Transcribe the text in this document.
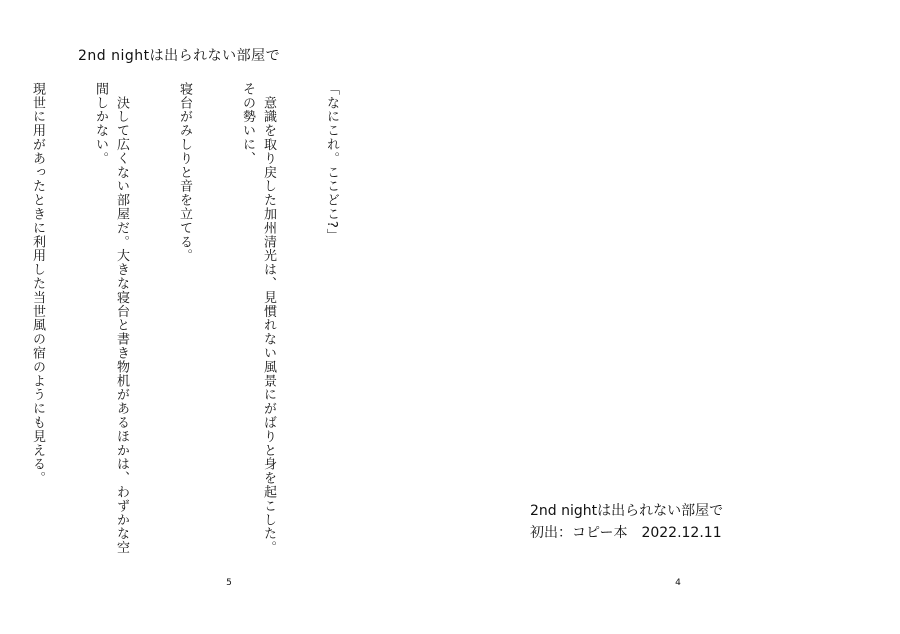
2nd nightは出られない部屋で

「なにこれ。ここどこ?」

　意識を取り戻した加州清光は、見慣れない風景にがばりと身を起こした。その勢いに、

寝台がみしりと音を立てる。

　決して広くない部屋だ。大きな寝台と書き物机があるほかは、わずかな空間しかない。

現世に用があったときに利用した当世風の宿のようにも見える。

5
2nd nightは出られない部屋で
初出：コピー本　2022.12.11
4
